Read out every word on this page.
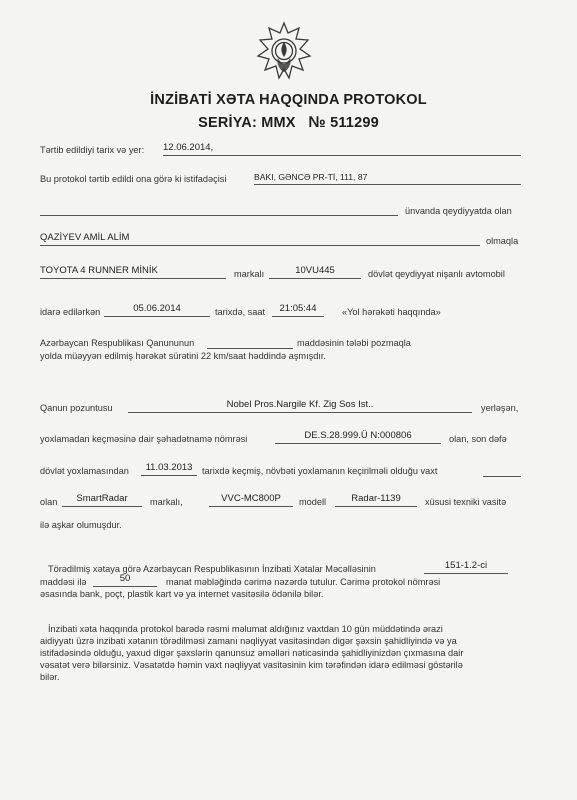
İNZİBATİ XƏTA HAQQINDA PROTOKOL
SERİYA: MMX № 511299
Tərtib edildiyi tarix və yer: 12.06.2014,
Bu protokol tərtib edildi ona görə ki istifadəçisi	BAKI, GƏNCƏ PR-Tİ, 111, 87
ünvanda qeydiyyatda olan
QAZİYEV AMİL ALİM	olmaqla
TOYOTA 4 RUNNER MİNİK	markalı	10VU445	dövlət qeydiyyat nişanlı avtomobil
idarə edilərkən	05.06.2014	tarixdə, saat	21:05:44	«Yol hərəkəti haqqında»
Azərbaycan Respublikası Qanununun	maddəsinin tələbi pozmaqla
yolda müəyyən edilmiş hərəkət sürətini 22 km/saat həddində aşmışdır.
Qanun pozuntusu	Nobel Pros.Nargile Kf. Zig Sos Ist..	yerləşən,
yoxlamadan keçməsinə dair şəhadətnamə nömrəsi	DE.S.28.999.Ü N:000806	olan, son dəfə
dövlət yoxlamasından	11.03.2013	tarixdə keçmiş, növbəti yoxlamanın keçirilməli olduğu vaxt
olan	SmartRadar	markalı,	VVC-MC800P	modell	Radar-1139	xüsusi texniki vasitə
ilə aşkar olumuşdur.
Törədilmiş xətaya görə Azərbaycan Respublikasının İnzibati Xətalar Məcəlləsinin	151-1.2-ci
maddəsi ilə	50	manat məbləğində cərimə nəzərdə tutulur. Cərimə protokol nömrəsi
əsasında bank, poçt, plastik kart və ya internet vasitəsilə ödənilə bilər.
İnzibati xəta haqqında protokol barədə rəsmi məlumat aldığınız vaxtdan 10 gün müddətində ərazi
aidiyyatı üzrə inzibati xətanın törədilməsi zamanı nəqliyyat vasitəsindən digər şəxsin şahidliyində və ya
istifadəsində olduğu, yaxud digər şəxslərin qanunsuz əməlləri nəticəsində şahidliyinizdən çıxmasına dair
vəsatət verə bilərsiniz. Vəsatətdə həmin vaxt nəqliyyat vasitəsinin kim tərəfindən idarə edilməsi göstərilə
bilər.
